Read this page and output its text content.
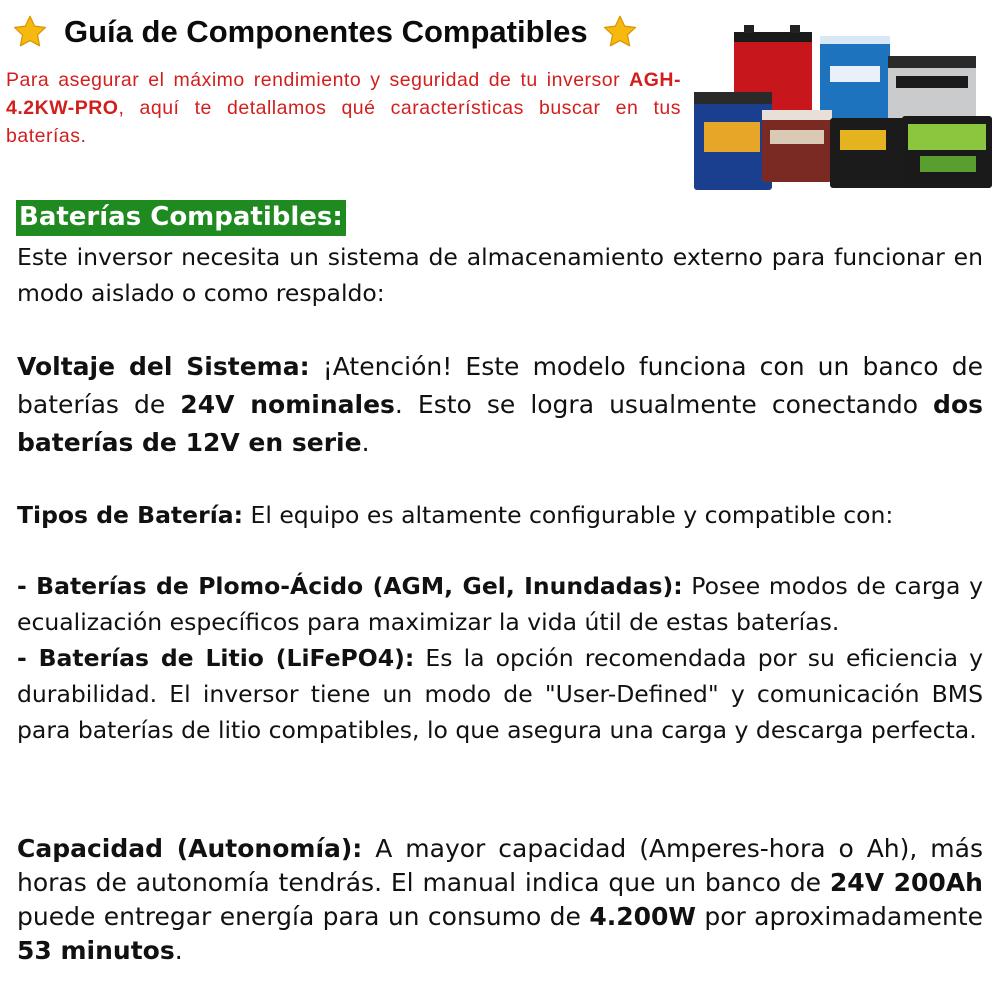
Guía de Componentes Compatibles
Para asegurar el máximo rendimiento y seguridad de tu inversor AGH-4.2KW-PRO, aquí te detallamos qué características buscar en tus baterías.
Baterías Compatibles:

Este inversor necesita un sistema de almacenamiento externo para funcionar en modo aislado o como respaldo:

Voltaje del Sistema: ¡Atención! Este modelo funciona con un banco de baterías de 24V nominales. Esto se logra usualmente conectando dos baterías de 12V en serie.

Tipos de Batería: El equipo es altamente configurable y compatible con:

- Baterías de Plomo-Ácido (AGM, Gel, Inundadas): Posee modos de carga y ecualización específicos para maximizar la vida útil de estas baterías.

- Baterías de Litio (LiFePO4): Es la opción recomendada por su eficiencia y durabilidad. El inversor tiene un modo de "User-Defined" y comunicación BMS para baterías de litio compatibles, lo que asegura una carga y descarga perfecta.

Capacidad (Autonomía): A mayor capacidad (Amperes-hora o Ah), más horas de autonomía tendrás. El manual indica que un banco de 24V 200Ah puede entregar energía para un consumo de 4.200W por aproximadamente 53 minutos.
